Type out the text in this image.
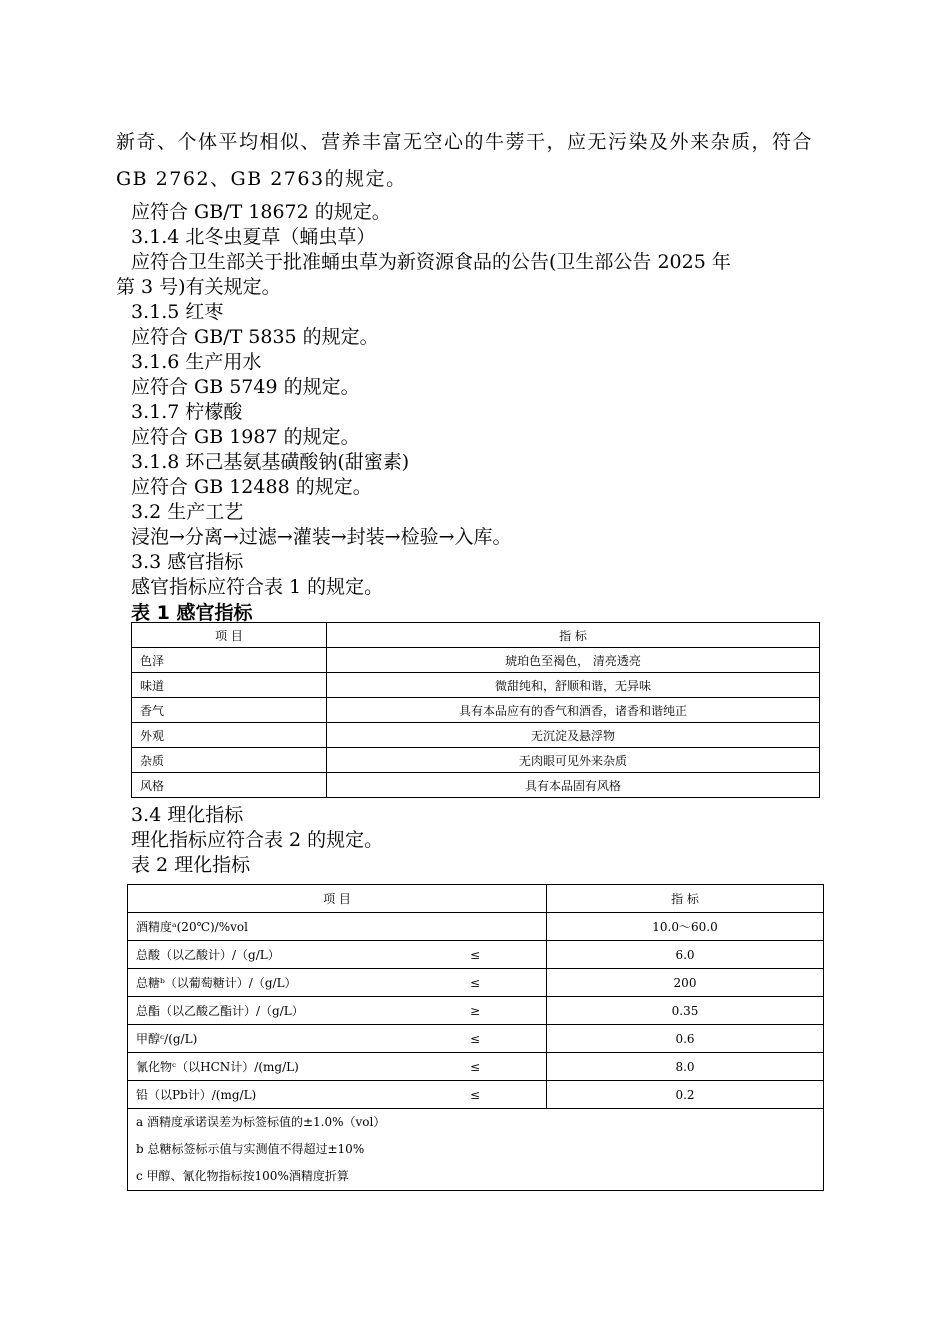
新奇、个体平均相似、营养丰富无空心的牛蒡干，应无污染及外来杂质，符合GB 2762、GB 2763的规定。
应符合 GB/T 18672 的规定。
3.1.4 北冬虫夏草（蛹虫草）
应符合卫生部关于批准蛹虫草为新资源食品的公告(卫生部公告 2025 年
第 3 号)有关规定。
3.1.5 红枣
应符合 GB/T 5835 的规定。
3.1.6 生产用水
应符合 GB 5749 的规定。
3.1.7 柠檬酸
应符合 GB 1987 的规定。
3.1.8 环己基氨基磺酸钠(甜蜜素)
应符合 GB 12488 的规定。
3.2 生产工艺
浸泡→分离→过滤→灌装→封装→检验→入库。
3.3 感官指标
感官指标应符合表 1 的规定。
表 1 感官指标
项 目	指 标
色泽	琥珀色至褐色， 清亮透亮
味道	微甜纯和，舒顺和谐，无异味
香气	具有本品应有的香气和酒香，诸香和谐纯正
外观	无沉淀及悬浮物
杂质	无肉眼可见外来杂质
风格	具有本品固有风格
3.4 理化指标
理化指标应符合表 2 的规定。
表 2 理化指标
项 目	指 标

酒精度ᵃ(20℃)/%vol	10.0～60.0

总酸（以乙酸计）/（g/L） ≤	6.0

总糖ᵇ（以葡萄糖计）/（g/L） ≤	200

总酯（以乙酸乙酯计）/（g/L） ≥	0.35

甲醇ᶜ/(g/L) ≤	0.6

氰化物ᶜ（以HCN计）/(mg/L) ≤	8.0

铅（以Pb计）/(mg/L) ≤	0.2

a 酒精度承诺误差为标签标值的±1.0%（vol）
b 总糖标签标示值与实测值不得超过±10%
c 甲醇、氰化物指标按100%酒精度折算	
